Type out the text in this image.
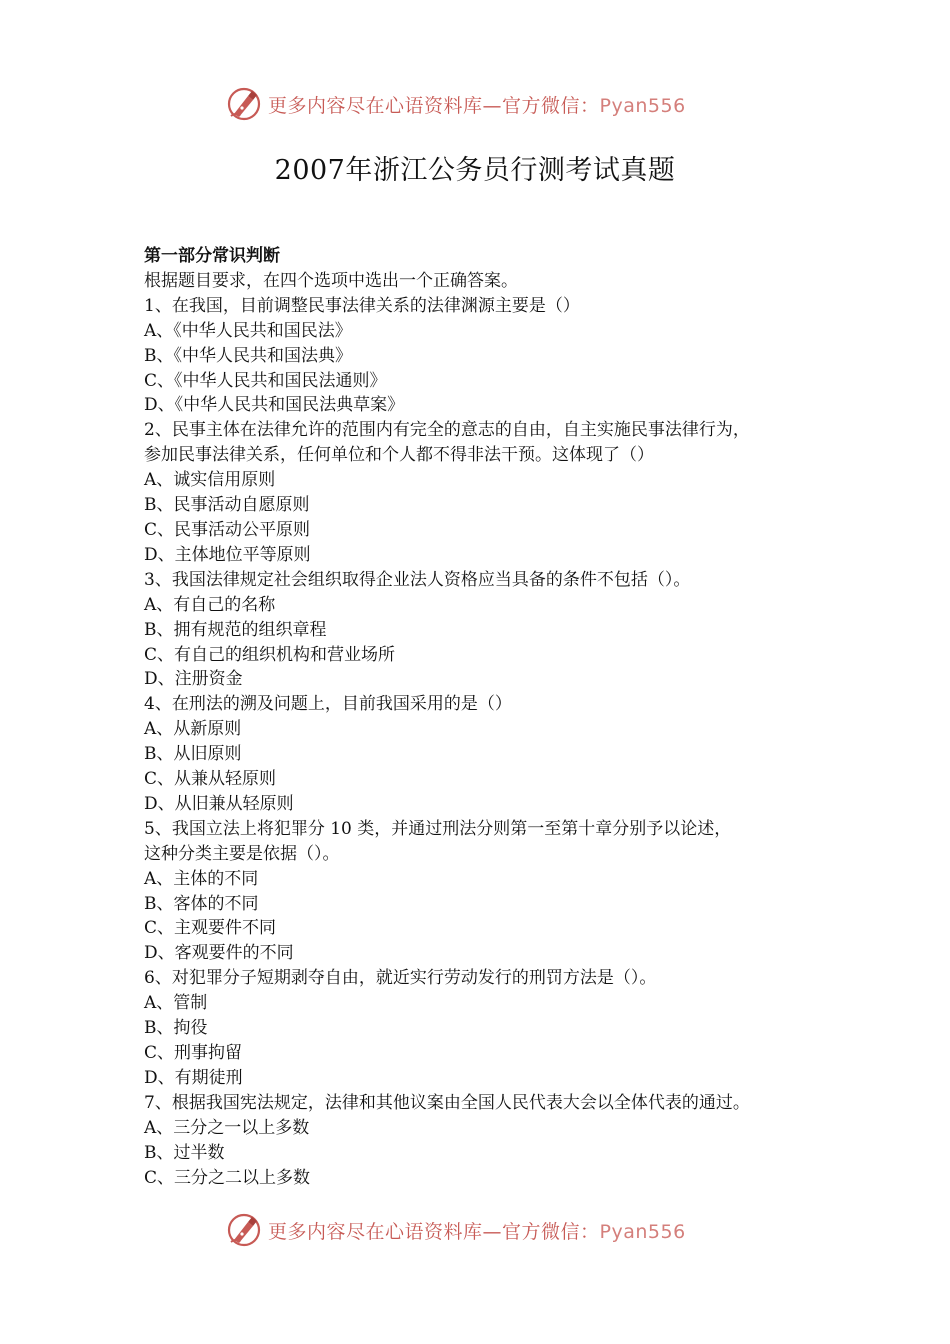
更多内容尽在心语资料库—官方微信：Pyan556
2007年浙江公务员行测考试真题

第一部分常识判断

根据题目要求，在四个选项中选出一个正确答案。

1、在我国，目前调整民事法律关系的法律渊源主要是（）

A、《中华人民共和国民法》

B、《中华人民共和国法典》

C、《中华人民共和国民法通则》

D、《中华人民共和国民法典草案》

2、民事主体在法律允许的范围内有完全的意志的自由，自主实施民事法律行为，

参加民事法律关系，任何单位和个人都不得非法干预。这体现了（）

A、诚实信用原则

B、民事活动自愿原则

C、民事活动公平原则

D、主体地位平等原则

3、我国法律规定社会组织取得企业法人资格应当具备的条件不包括（）。

A、有自己的名称

B、拥有规范的组织章程

C、有自己的组织机构和营业场所

D、注册资金

4、在刑法的溯及问题上，目前我国采用的是（）

A、从新原则

B、从旧原则

C、从兼从轻原则

D、从旧兼从轻原则

5、我国立法上将犯罪分 10 类，并通过刑法分则第一至第十章分别予以论述，

这种分类主要是依据（）。

A、主体的不同

B、客体的不同

C、主观要件不同

D、客观要件的不同

6、对犯罪分子短期剥夺自由，就近实行劳动发行的刑罚方法是（）。

A、管制

B、拘役

C、刑事拘留

D、有期徒刑

7、根据我国宪法规定，法律和其他议案由全国人民代表大会以全体代表的通过。

A、三分之一以上多数

B、过半数

C、三分之二以上多数

更多内容尽在心语资料库—官方微信：Pyan556
